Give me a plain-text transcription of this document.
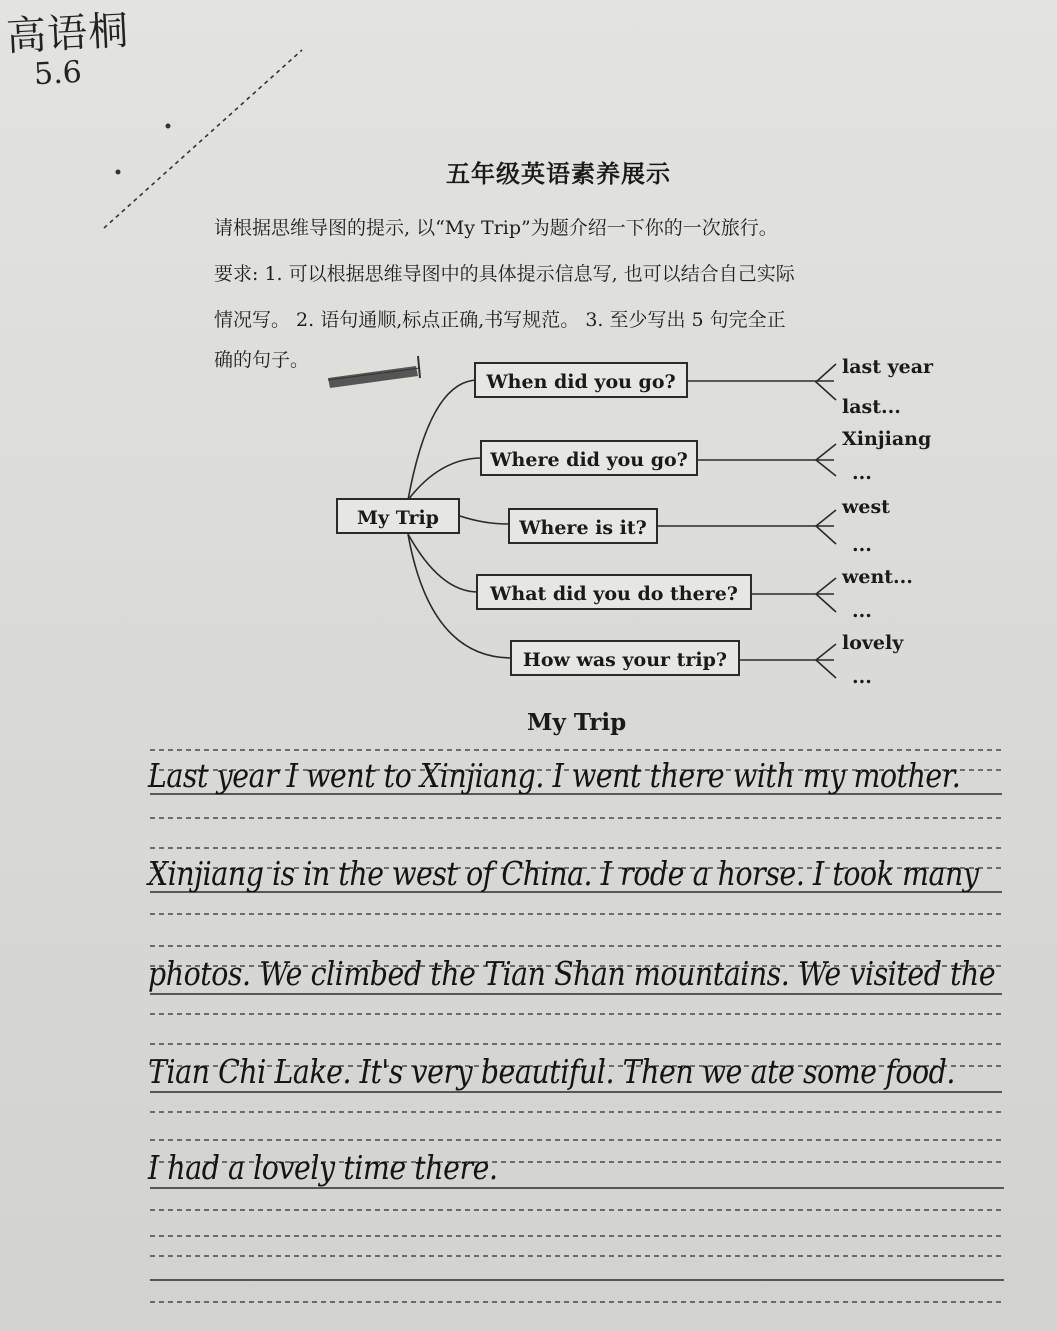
高语桐
5.6
五年级英语素养展示
请根据思维导图的提示, 以“My Trip”为题介绍一下你的一次旅行。
要求: 1. 可以根据思维导图中的具体提示信息写, 也可以结合自己实际
情况写。 2. 语句通顺,标点正确,书写规范。 3. 至少写出 5 句完全正
确的句子。
My Trip
When did you go?
Where did you go?
Where is it?
What did you do there?
How was your trip?
last year
last...
Xinjiang
...
west
...
went...
...
lovely
...
My Trip
Last year I went to Xinjiang. I went there with my mother.
Xinjiang is in the west of China. I rode a horse. I took many
photos. We climbed the Tian Shan mountains. We visited the
Tian Chi Lake. It's very beautiful. Then we ate some food.
I had a lovely time there.
